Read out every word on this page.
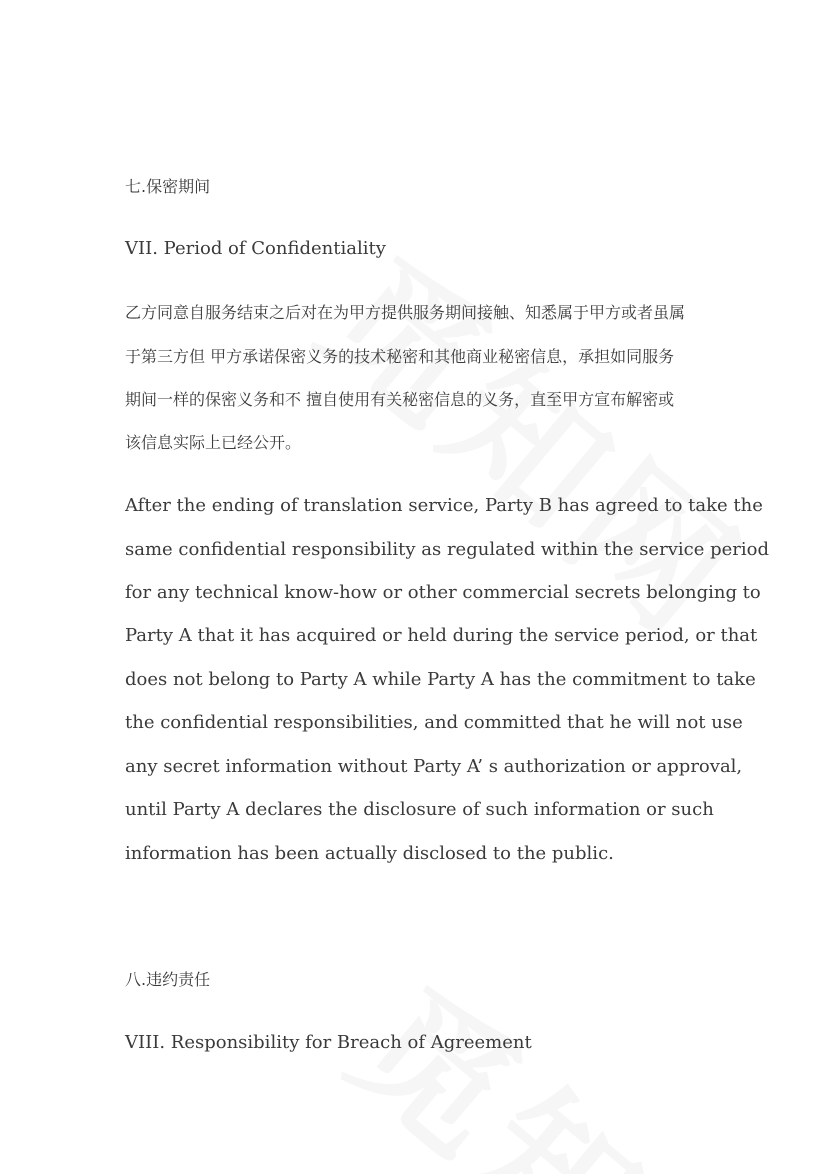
七.保密期间
VII. Period of Confidentiality
乙方同意自服务结束之后对在为甲方提供服务期间接触、知悉属于甲方或者虽属
于第三方但 甲方承诺保密义务的技术秘密和其他商业秘密信息，承担如同服务
期间一样的保密义务和不 擅自使用有关秘密信息的义务，直至甲方宣布解密或
该信息实际上已经公开。
After the ending of translation service, Party B has agreed to take the
same confidential responsibility as regulated within the service period
for any technical know-how or other commercial secrets belonging to
Party A that it has acquired or held during the service period, or that
does not belong to Party A while Party A has the commitment to take
the confidential responsibilities, and committed that he will not use
any secret information without Party A’ s authorization or approval,
until Party A declares the disclosure of such information or such
information has been actually disclosed to the public.
八.违约责任
VIII. Responsibility for Breach of Agreement
